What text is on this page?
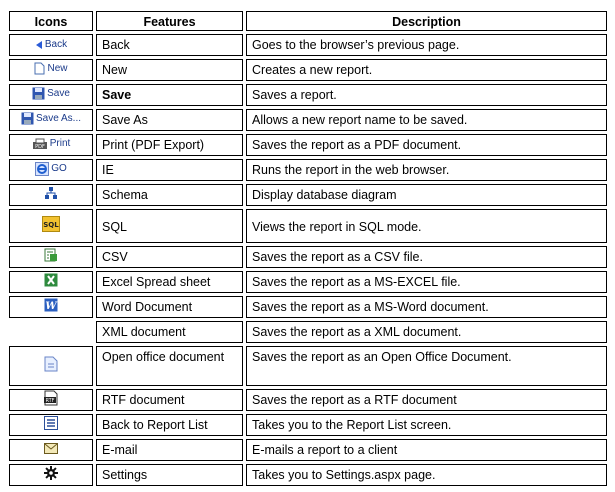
Icons	Features	Description

Back	Back	Goes to the browser’s previous page.

New	New	Creates a new report.

Save	Save	Saves a report.

Save As...	Save As	Allows a new report name to be saved.

PDF Print	Print (PDF Export)	Saves the report as a PDF document.

GO	IE	Runs the report in the web browser.

	Schema	Display database diagram

SQL	SQL	Views the report in SQL mode.

	CSV	Saves the report as a CSV file.

	Excel Spread sheet	Saves the report as a MS-EXCEL file.

W	Word Document	Saves the report as a MS-Word document.
	XML document	Saves the report as a XML document.

	Open office document	Saves the report as an Open Office Document.

RTF	RTF document	Saves the report as a RTF document

	Back to Report List	Takes you to the Report List screen.

	E-mail	E-mails a report to a client

	Settings	Takes you to Settings.aspx page.
